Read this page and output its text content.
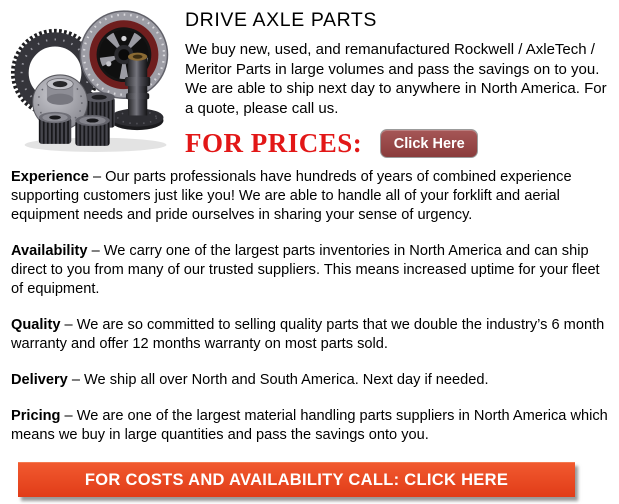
DRIVE AXLE PARTS

We buy new, used, and remanufactured Rockwell / AxleTech / Meritor Parts in large volumes and pass the savings on to you. We are able to ship next day to anywhere in North America. For a quote, please call us.

FOR PRICES:	Click Here

Experience – Our parts professionals have hundreds of years of combined experience supporting customers just like you! We are able to handle all of your forklift and aerial equipment needs and pride ourselves in sharing your sense of urgency.

Availability – We carry one of the largest parts inventories in North America and can ship direct to you from many of our trusted suppliers. This means increased uptime for your fleet of equipment.

Quality – We are so committed to selling quality parts that we double the industry’s 6 month warranty and offer 12 months warranty on most parts sold.

Delivery – We ship all over North and South America. Next day if needed.

Pricing – We are one of the largest material handling parts suppliers in North America which means we buy in large quantities and pass the savings onto you.

FOR COSTS AND AVAILABILITY CALL: CLICK HERE
